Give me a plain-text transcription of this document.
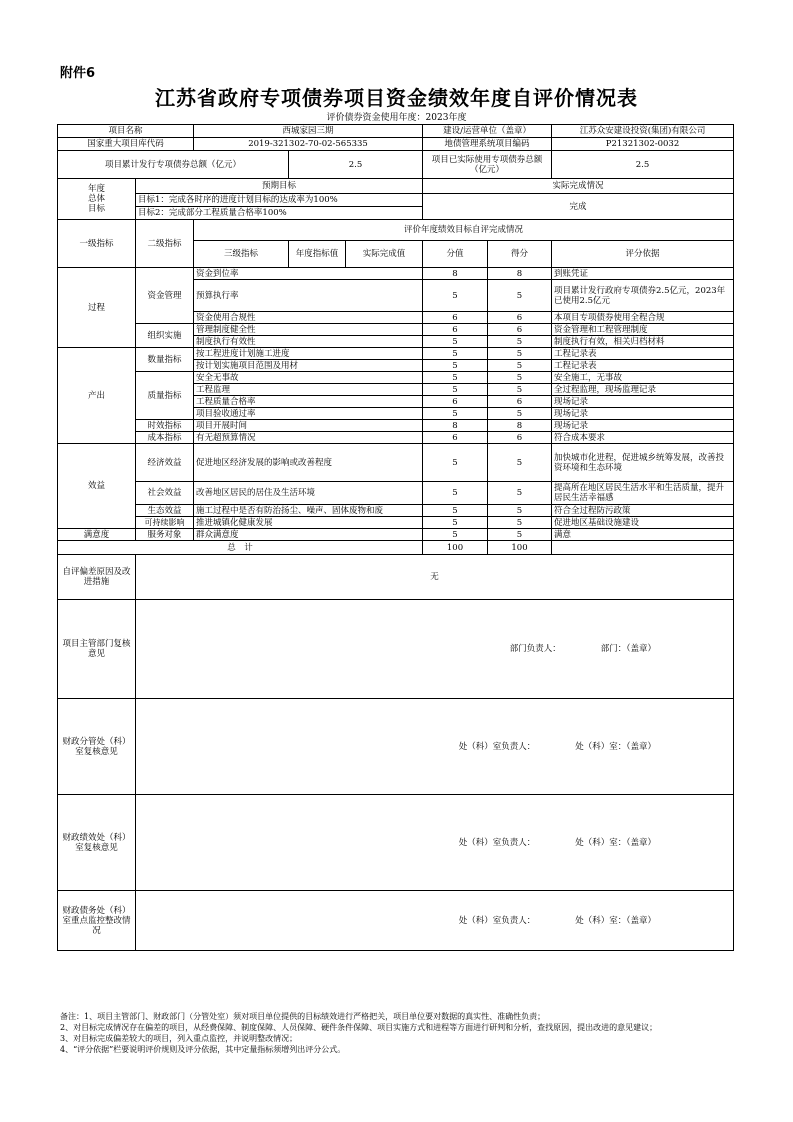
附件6
江苏省政府专项债券项目资金绩效年度自评价情况表
评价债券资金使用年度：2023年度
项目名称		西城家园三期			建设/运营单位（盖章）		江苏众安建设投资(集团)有限公司
国家重大项目库代码		2019-321302-70-02-565335			地债管理系统项目编码		P21321302-0032
项目累计发行专项债券总额（亿元）			2.5		项目已实际使用专项债券总额（亿元）		2.5

年度
总体
目标	预期目标				实际完成情况		
	目标1：完成各时序的进度计划目标的达成率为100%				完成		
	目标2：完成部分工程质量合格率100%						
一级指标	二级指标	评价年度绩效目标自评完成情况					
		三级指标	年度指标值	实际完成值	分值	得分	评分依据
过程	资金管理	资金到位率			8	8	到账凭证
		预算执行率			5	5	项目累计发行政府专项债券2.5亿元，2023年已使用2.5亿元
		资金使用合规性			6	6	本项目专项债券使用全程合规
	组织实施	管理制度健全性			6	6	资金管理和工程管理制度
		制度执行有效性			5	5	制度执行有效，相关归档材料
产出	数量指标	按工程进度计划施工进度			5	5	工程记录表
		按计划实施项目范围及用材			5	5	工程记录表
	质量指标	安全无事故			5	5	安全施工，无事故
		工程监理			5	5	全过程监理，现场监理记录
		工程质量合格率			6	6	现场记录
		项目验收通过率			5	5	现场记录
	时效指标	项目开展时间			8	8	现场记录
	成本指标	有无超预算情况			6	6	符合成本要求
效益	经济效益	促进地区经济发展的影响或改善程度			5	5	加快城市化进程，促进城乡统筹发展，改善投资环境和生态环境
	社会效益	改善地区居民的居住及生活环境			5	5	提高所在地区居民生活水平和生活质量，提升居民生活幸福感
	生态效益	施工过程中是否有防治扬尘、噪声、固体废物和废			5	5	符合全过程防污政策
	可持续影响	推进城镇化健康发展			5	5	促进地区基础设施建设
满意度	服务对象	群众满意度			5	5	满意
总　计					100	100	
自评偏差原因及改进措施	无						
项目主管部门复核意见	部门负责人： 部门：（盖章）						

财政分管处（科）室复核意见	处（科）室负责人： 处（科）室：（盖章）						

财政绩效处（科）室复核意见	处（科）室负责人： 处（科）室：（盖章）						

财政债务处（科）室重点监控整改情况	处（科）室负责人： 处（科）室：（盖章）						
备注：1、项目主管部门、财政部门（分管处室）须对项目单位提供的目标绩效进行严格把关，项目单位要对数据的真实性、准确性负责；
2、对目标完成情况存在偏差的项目，从经费保障、制度保障、人员保障、硬件条件保障、项目实施方式和进程等方面进行研判和分析，查找原因，提出改进的意见建议；
3、对目标完成偏差较大的项目，列入重点监控，并说明整改情况；
4、“评分依据”栏要说明评价规则及评分依据，其中定量指标须增列出评分公式。
